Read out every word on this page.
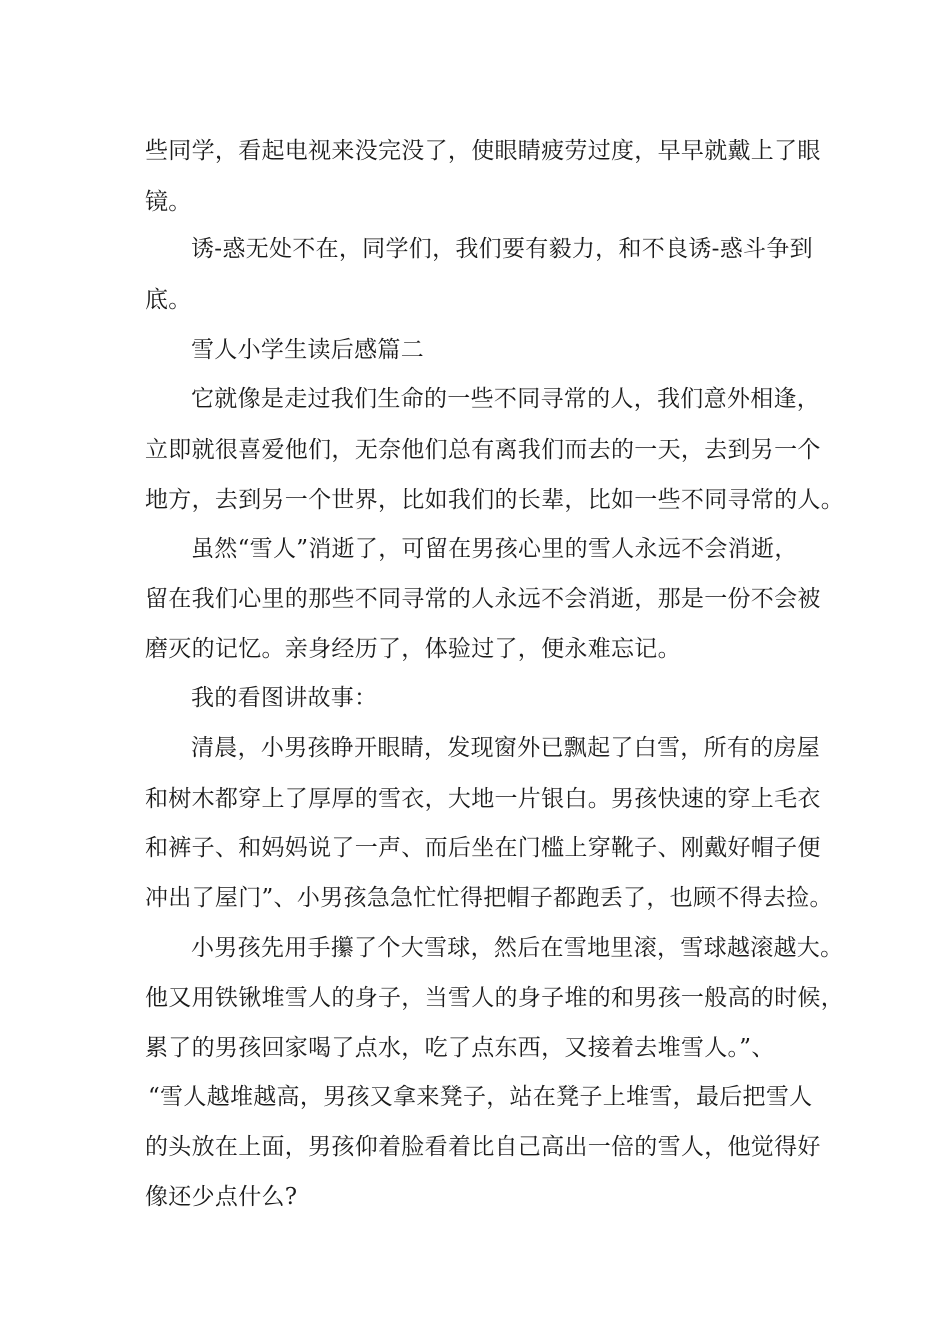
些同学，看起电视来没完没了，使眼睛疲劳过度，早早就戴上了眼

镜。

诱-惑无处不在，同学们，我们要有毅力，和不良诱-惑斗争到

底。

雪人小学生读后感篇二

它就像是走过我们生命的一些不同寻常的人，我们意外相逢，

立即就很喜爱他们，无奈他们总有离我们而去的一天，去到另一个

地方，去到另一个世界，比如我们的长辈，比如一些不同寻常的人。

虽然“雪人”消逝了，可留在男孩心里的雪人永远不会消逝，

留在我们心里的那些不同寻常的人永远不会消逝，那是一份不会被

磨灭的记忆。亲身经历了，体验过了，便永难忘记。

我的看图讲故事：

清晨，小男孩睁开眼睛，发现窗外已飘起了白雪，所有的房屋

和树木都穿上了厚厚的雪衣，大地一片银白。男孩快速的穿上毛衣

和裤子、和妈妈说了一声、而后坐在门槛上穿靴子、刚戴好帽子便

冲出了屋门”、小男孩急急忙忙得把帽子都跑丢了，也顾不得去捡。

小男孩先用手攥了个大雪球，然后在雪地里滚，雪球越滚越大。

他又用铁锹堆雪人的身子，当雪人的身子堆的和男孩一般高的时候，

累了的男孩回家喝了点水，吃了点东西，又接着去堆雪人。”、

“雪人越堆越高，男孩又拿来凳子，站在凳子上堆雪，最后把雪人

的头放在上面，男孩仰着脸看着比自己高出一倍的雪人，他觉得好

像还少点什么?
